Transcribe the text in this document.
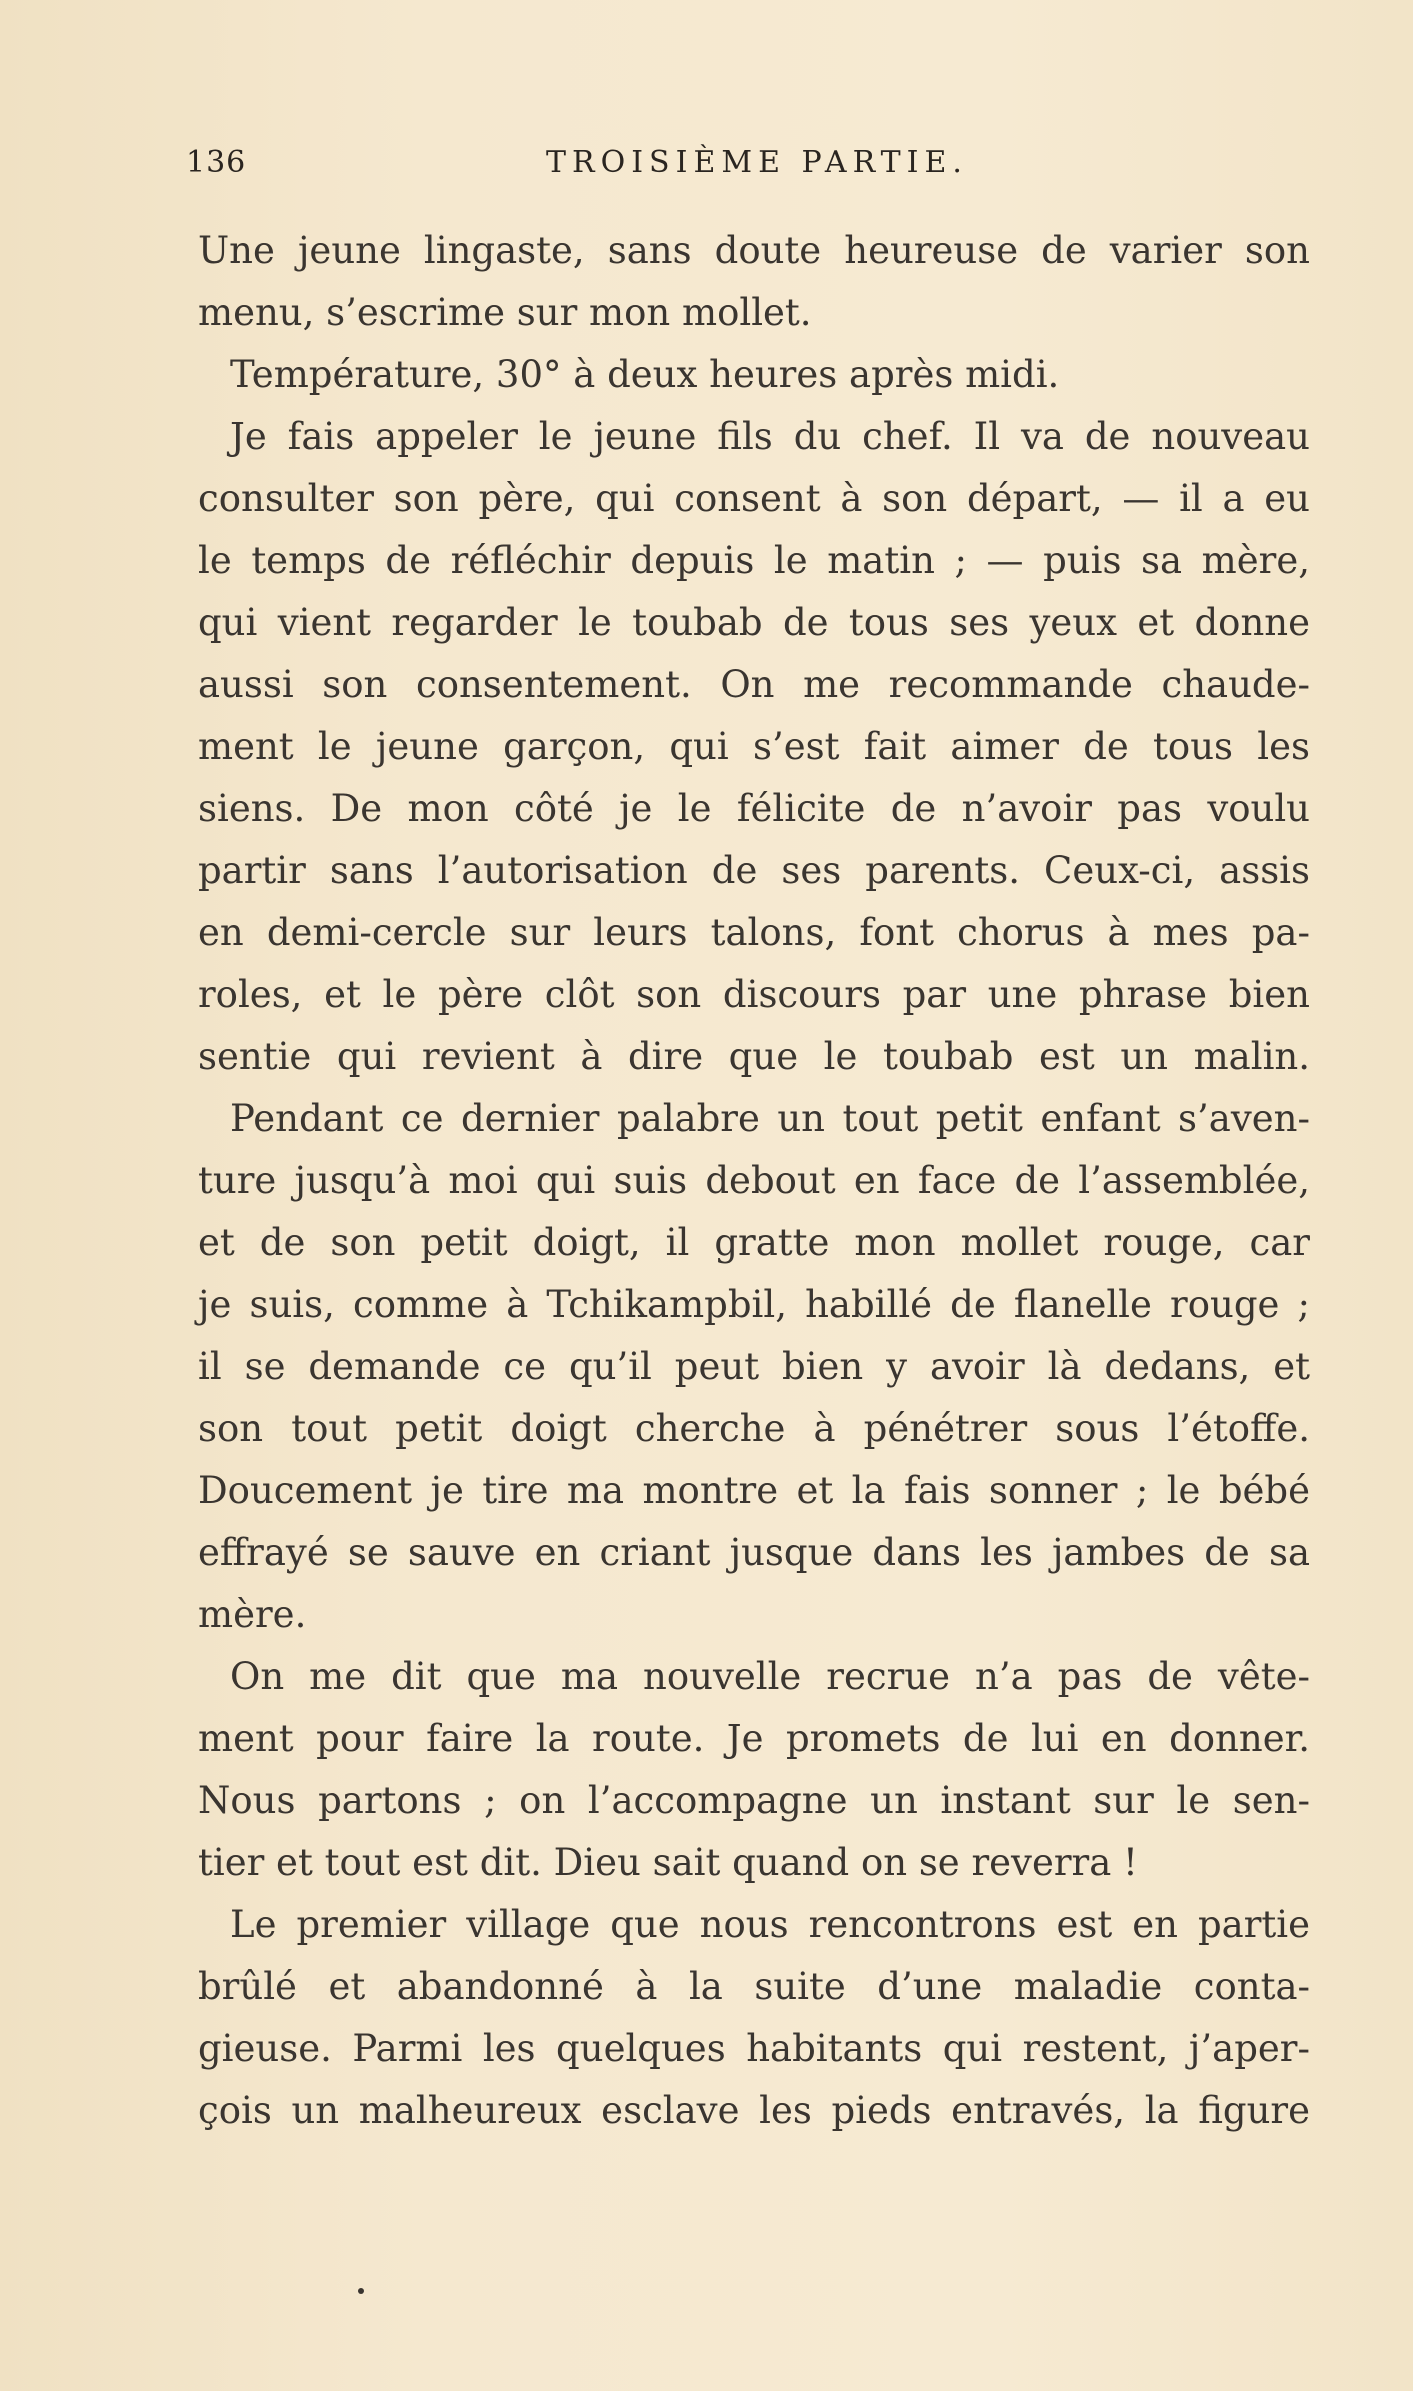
136	TROISIÈME PARTIE.
Une jeune lingaste, sans doute heureuse de varier son
menu, s’escrime sur mon mollet.
Température, 30° à deux heures après midi.
Je fais appeler le jeune fils du chef. Il va de nouveau
consulter son père, qui consent à son départ, — il a eu
le temps de réfléchir depuis le matin ; — puis sa mère,
qui vient regarder le toubab de tous ses yeux et donne
aussi son consentement. On me recommande chaude-
ment le jeune garçon, qui s’est fait aimer de tous les
siens. De mon côté je le félicite de n’avoir pas voulu
partir sans l’autorisation de ses parents. Ceux-ci, assis
en demi-cercle sur leurs talons, font chorus à mes pa-
roles, et le père clôt son discours par une phrase bien
sentie qui revient à dire que le toubab est un malin.
Pendant ce dernier palabre un tout petit enfant s’aven-
ture jusqu’à moi qui suis debout en face de l’assemblée,
et de son petit doigt, il gratte mon mollet rouge, car
je suis, comme à Tchikampbil, habillé de flanelle rouge ;
il se demande ce qu’il peut bien y avoir là dedans, et
son tout petit doigt cherche à pénétrer sous l’étoffe.
Doucement je tire ma montre et la fais sonner ; le bébé
effrayé se sauve en criant jusque dans les jambes de sa
mère.
On me dit que ma nouvelle recrue n’a pas de vête-
ment pour faire la route. Je promets de lui en donner.
Nous partons ; on l’accompagne un instant sur le sen-
tier et tout est dit. Dieu sait quand on se reverra !
Le premier village que nous rencontrons est en partie
brûlé et abandonné à la suite d’une maladie conta-
gieuse. Parmi les quelques habitants qui restent, j’aper-
çois un malheureux esclave les pieds entravés, la figure
